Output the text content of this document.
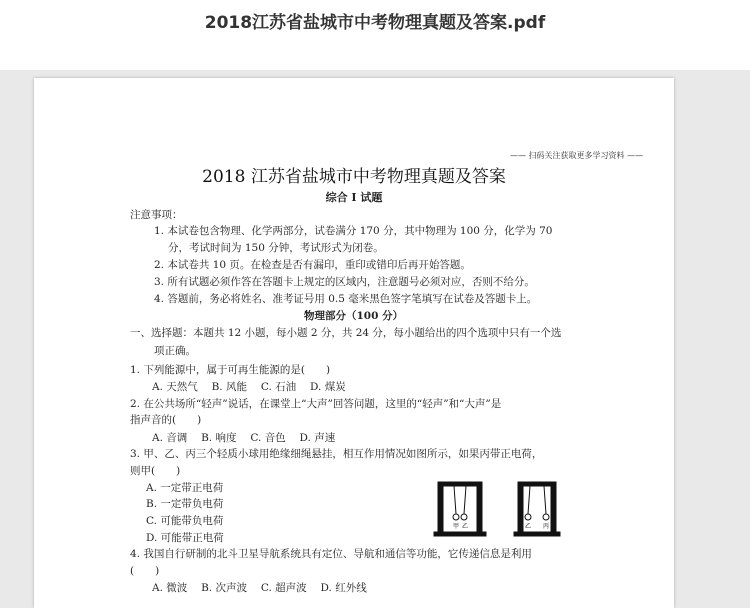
2018江苏省盐城市中考物理真题及答案.pdf
—— 扫码关注获取更多学习资料 ——
2018 江苏省盐城市中考物理真题及答案
综合 I 试题
注意事项：
1. 本试卷包含物理、化学两部分，试卷满分 170 分，其中物理为 100 分，化学为 70
分，考试时间为 150 分钟，考试形式为闭卷。
2. 本试卷共 10 页。在检查是否有漏印，重印或错印后再开始答题。
3. 所有试题必须作答在答题卡上规定的区域内，注意题号必须对应，否则不给分。
4. 答题前，务必将姓名、准考证号用 0.5 毫米黑色签字笔填写在试卷及答题卡上。
物理部分（100 分）
一、选择题：本题共 12 小题，每小题 2 分，共 24 分，每小题给出的四个选项中只有一个选
项正确。
1. 下列能源中，属于可再生能源的是(　　)
A. 天然气　 B. 风能　 C. 石油　 D. 煤炭
2. 在公共场所“轻声”说话，在课堂上“大声”回答问题，这里的“轻声”和“大声”是
指声音的(　　)
A. 音调　 B. 响度　 C. 音色　 D. 声速
3. 甲、乙、丙三个轻质小球用绝缘细绳悬挂，相互作用情况如图所示，如果丙带正电荷，
则甲(　　)
A. 一定带正电荷
B. 一定带负电荷
C. 可能带负电荷
D. 可能带正电荷
4. 我国自行研制的北斗卫星导航系统具有定位、导航和通信等功能，它传递信息是利用
(　　)
A. 微波　 B. 次声波　 C. 超声波　 D. 红外线
甲 乙	乙 丙
